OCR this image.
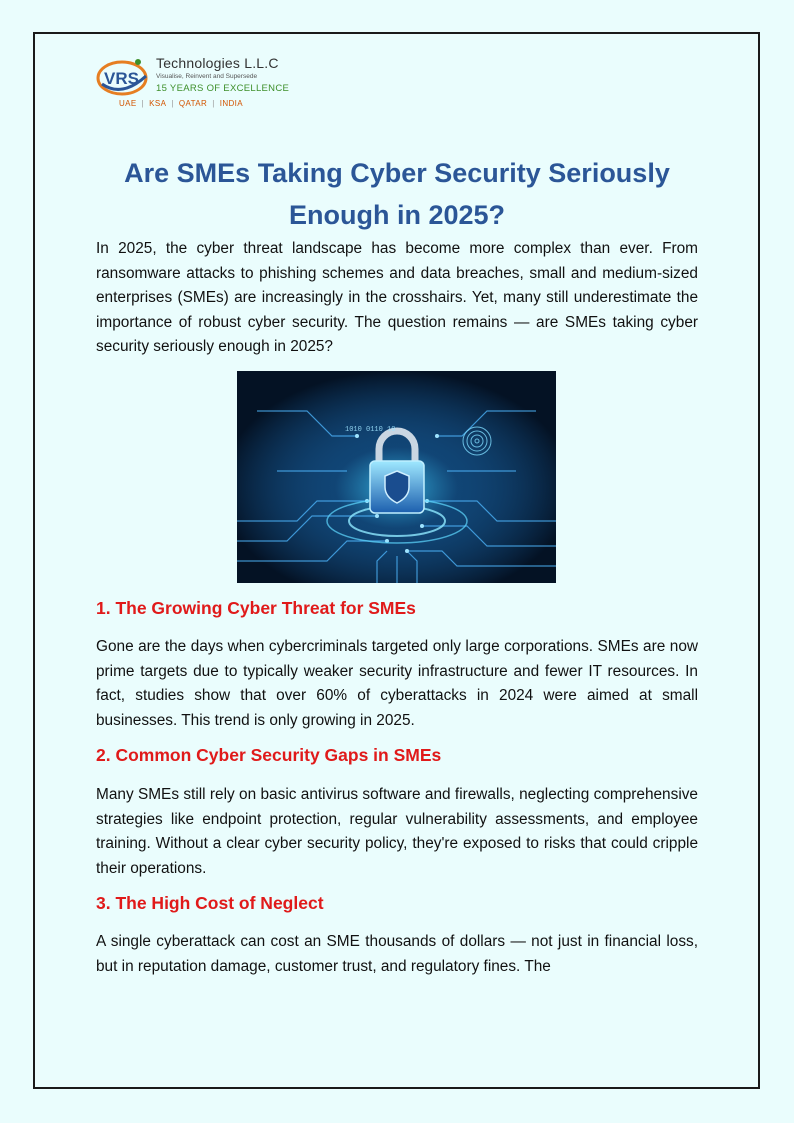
VRS
Technologies L.L.C
Visualise, Reinvent and Supersede
15 YEARS OF EXCELLENCE
UAE | KSA | QATAR | INDIA
Are SMEs Taking Cyber Security Seriously Enough in 2025?

In 2025, the cyber threat landscape has become more complex than ever. From ransomware attacks to phishing schemes and data breaches, small and medium-sized enterprises (SMEs) are increasingly in the crosshairs. Yet, many still underestimate the importance of robust cyber security. The question remains — are SMEs taking cyber security seriously enough in 2025?

1010 0110 10
1. The Growing Cyber Threat for SMEs

Gone are the days when cybercriminals targeted only large corporations. SMEs are now prime targets due to typically weaker security infrastructure and fewer IT resources. In fact, studies show that over 60% of cyberattacks in 2024 were aimed at small businesses. This trend is only growing in 2025.

2. Common Cyber Security Gaps in SMEs

Many SMEs still rely on basic antivirus software and firewalls, neglecting comprehensive strategies like endpoint protection, regular vulnerability assessments, and employee training. Without a clear cyber security policy, they're exposed to risks that could cripple their operations.

3. The High Cost of Neglect

A single cyberattack can cost an SME thousands of dollars — not just in financial loss, but in reputation damage, customer trust, and regulatory fines. The
